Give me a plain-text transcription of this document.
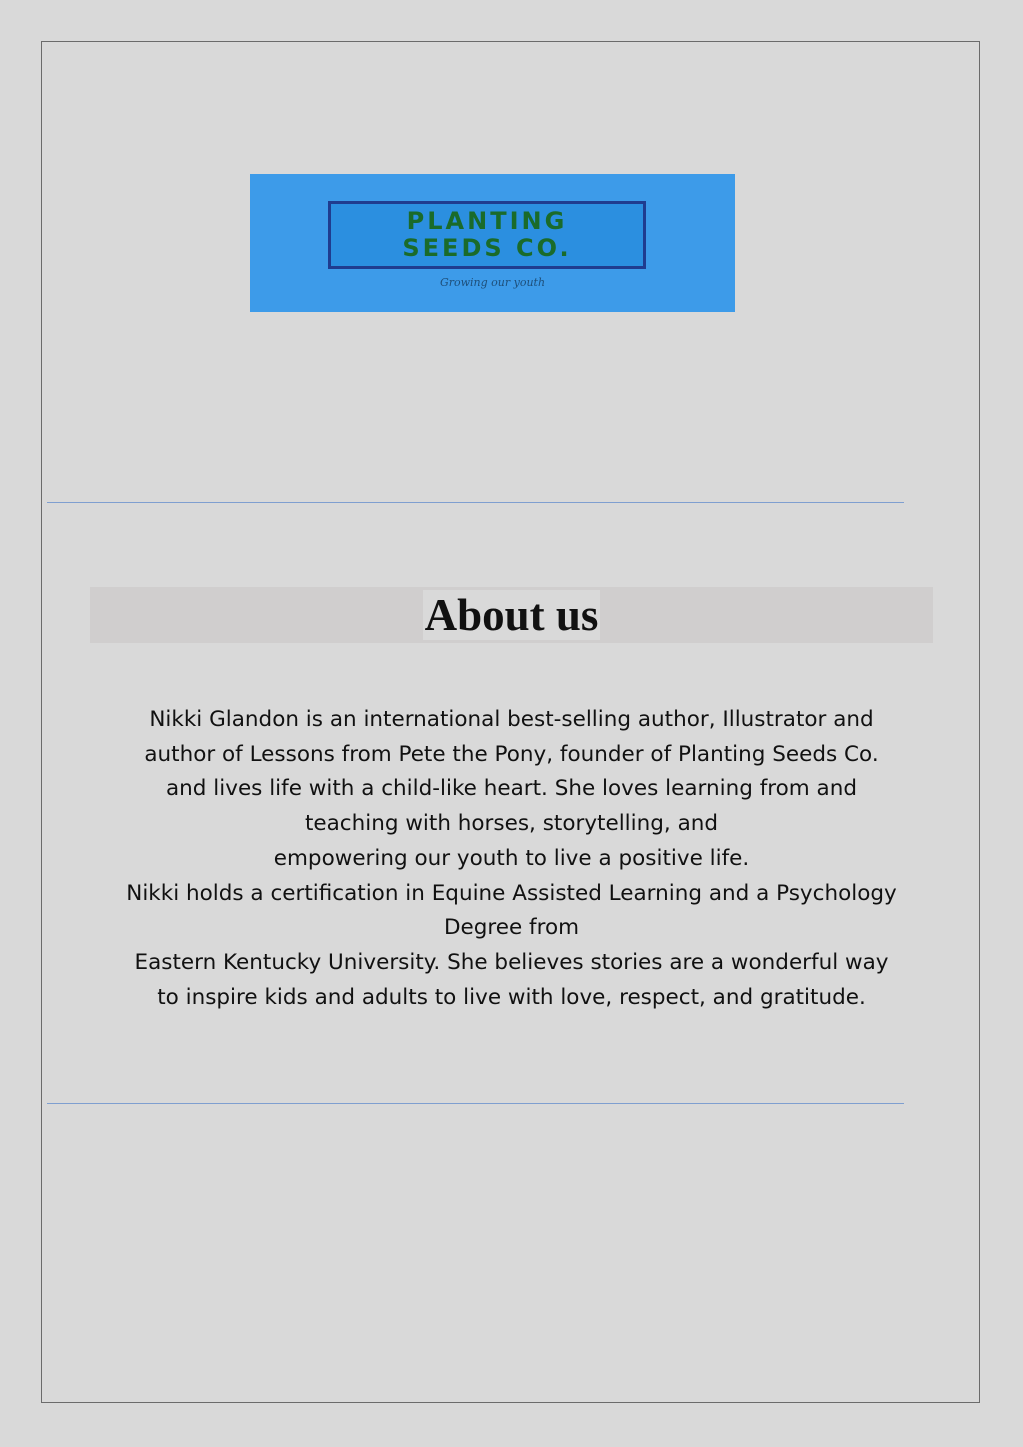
PLANTING
SEEDS CO.
Growing our youth
About us
Nikki Glandon is an international best-selling author, Illustrator and
author of Lessons from Pete the Pony, founder of Planting Seeds Co.
and lives life with a child-like heart. She loves learning from and
teaching with horses, storytelling, and
empowering our youth to live a positive life.
Nikki holds a certification in Equine Assisted Learning and a Psychology
Degree from
Eastern Kentucky University. She believes stories are a wonderful way
to inspire kids and adults to live with love, respect, and gratitude.
